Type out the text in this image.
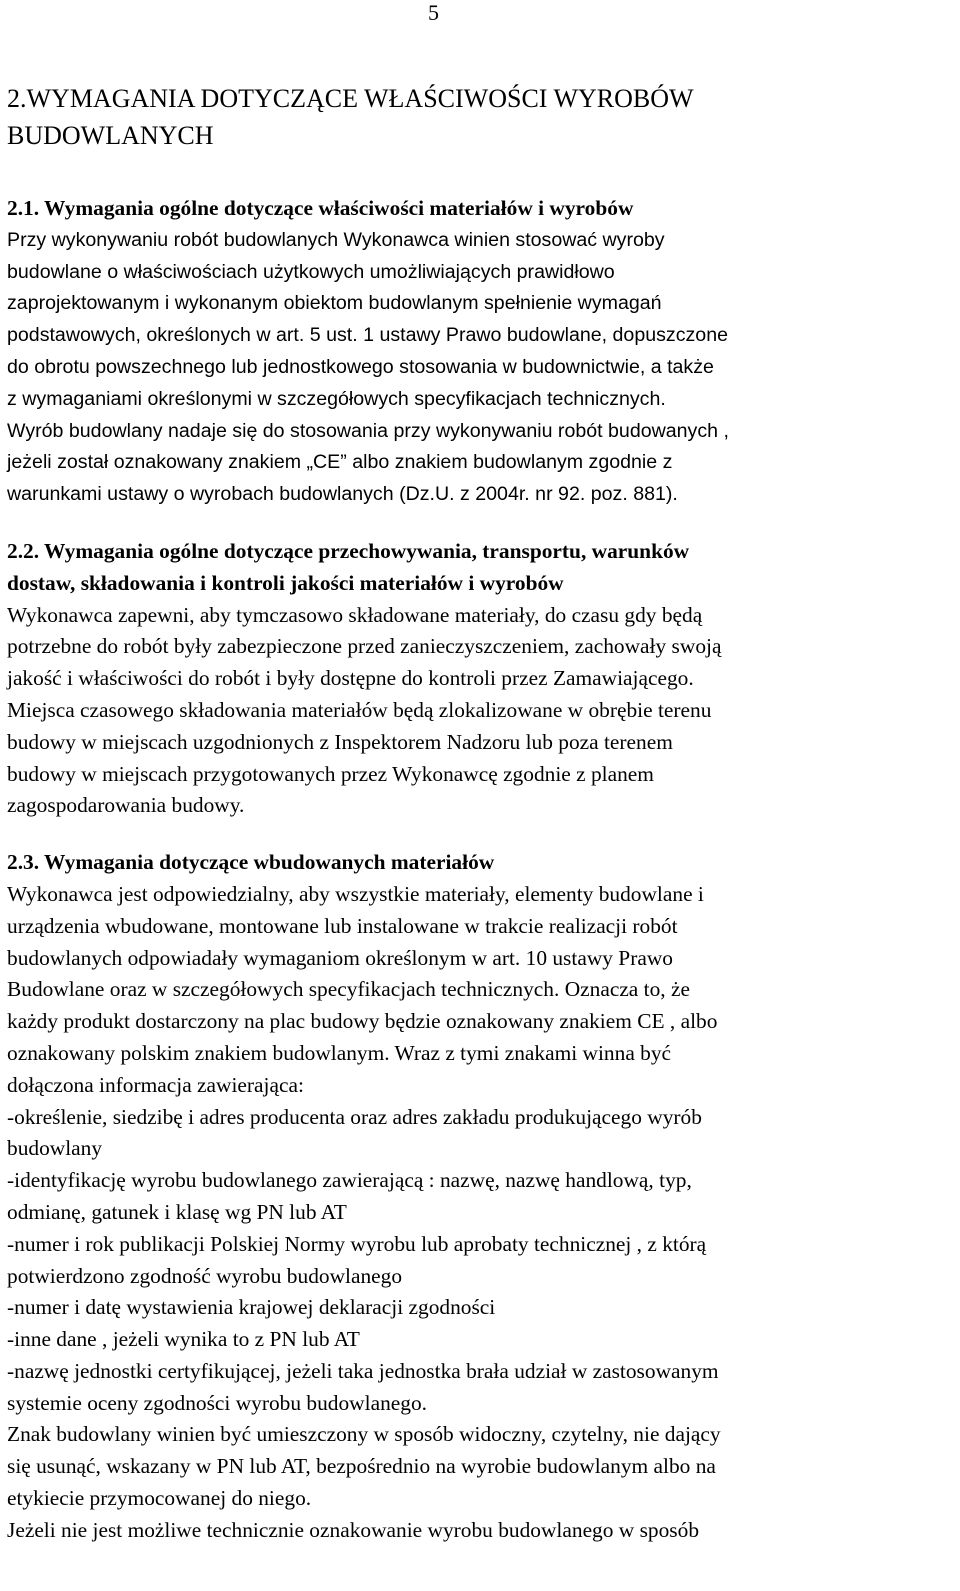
5
2.WYMAGANIA DOTYCZĄCE WŁAŚCIWOŚCI WYROBÓW
BUDOWLANYCH

2.1. Wymagania ogólne dotyczące właściwości materiałów i wyrobów

Przy wykonywaniu robót budowlanych Wykonawca winien stosować wyroby

budowlane o właściwościach użytkowych umożliwiających prawidłowo

zaprojektowanym i wykonanym obiektom budowlanym spełnienie wymagań

podstawowych, określonych w art. 5 ust. 1 ustawy Prawo budowlane, dopuszczone

do obrotu powszechnego lub jednostkowego stosowania w budownictwie, a także

z wymaganiami określonymi w szczegółowych specyfikacjach technicznych.

Wyrób budowlany nadaje się do stosowania przy wykonywaniu robót budowanych ,

jeżeli został oznakowany znakiem „CE” albo znakiem budowlanym zgodnie z

warunkami ustawy o wyrobach budowlanych (Dz.U. z 2004r. nr 92. poz. 881).

2.2. Wymagania ogólne dotyczące przechowywania, transportu, warunków

dostaw, składowania i kontroli jakości materiałów i wyrobów

Wykonawca zapewni, aby tymczasowo składowane materiały, do czasu gdy będą

potrzebne do robót były zabezpieczone przed zanieczyszczeniem, zachowały swoją

jakość i właściwości do robót i były dostępne do kontroli przez Zamawiającego.

Miejsca czasowego składowania materiałów będą zlokalizowane w obrębie terenu

budowy w miejscach uzgodnionych z Inspektorem Nadzoru lub poza terenem

budowy w miejscach przygotowanych przez Wykonawcę zgodnie z planem

zagospodarowania budowy.

2.3. Wymagania dotyczące wbudowanych materiałów

Wykonawca jest odpowiedzialny, aby wszystkie materiały, elementy budowlane i

urządzenia wbudowane, montowane lub instalowane w trakcie realizacji robót

budowlanych odpowiadały wymaganiom określonym w art. 10 ustawy Prawo

Budowlane oraz w szczegółowych specyfikacjach technicznych. Oznacza to, że

każdy produkt dostarczony na plac budowy będzie oznakowany znakiem CE , albo

oznakowany polskim znakiem budowlanym. Wraz z tymi znakami winna być

dołączona informacja zawierająca:

-określenie, siedzibę i adres producenta oraz adres zakładu produkującego wyrób

budowlany

-identyfikację wyrobu budowlanego zawierającą : nazwę, nazwę handlową, typ,

odmianę, gatunek i klasę wg PN lub AT

-numer i rok publikacji Polskiej Normy wyrobu lub aprobaty technicznej , z którą

potwierdzono zgodność wyrobu budowlanego

-numer i datę wystawienia krajowej deklaracji zgodności

-inne dane , jeżeli wynika to z PN lub AT

-nazwę jednostki certyfikującej, jeżeli taka jednostka brała udział w zastosowanym

systemie oceny zgodności wyrobu budowlanego.

Znak budowlany winien być umieszczony w sposób widoczny, czytelny, nie dający

się usunąć, wskazany w PN lub AT, bezpośrednio na wyrobie budowlanym albo na

etykiecie przymocowanej do niego.

Jeżeli nie jest możliwe technicznie oznakowanie wyrobu budowlanego w sposób
